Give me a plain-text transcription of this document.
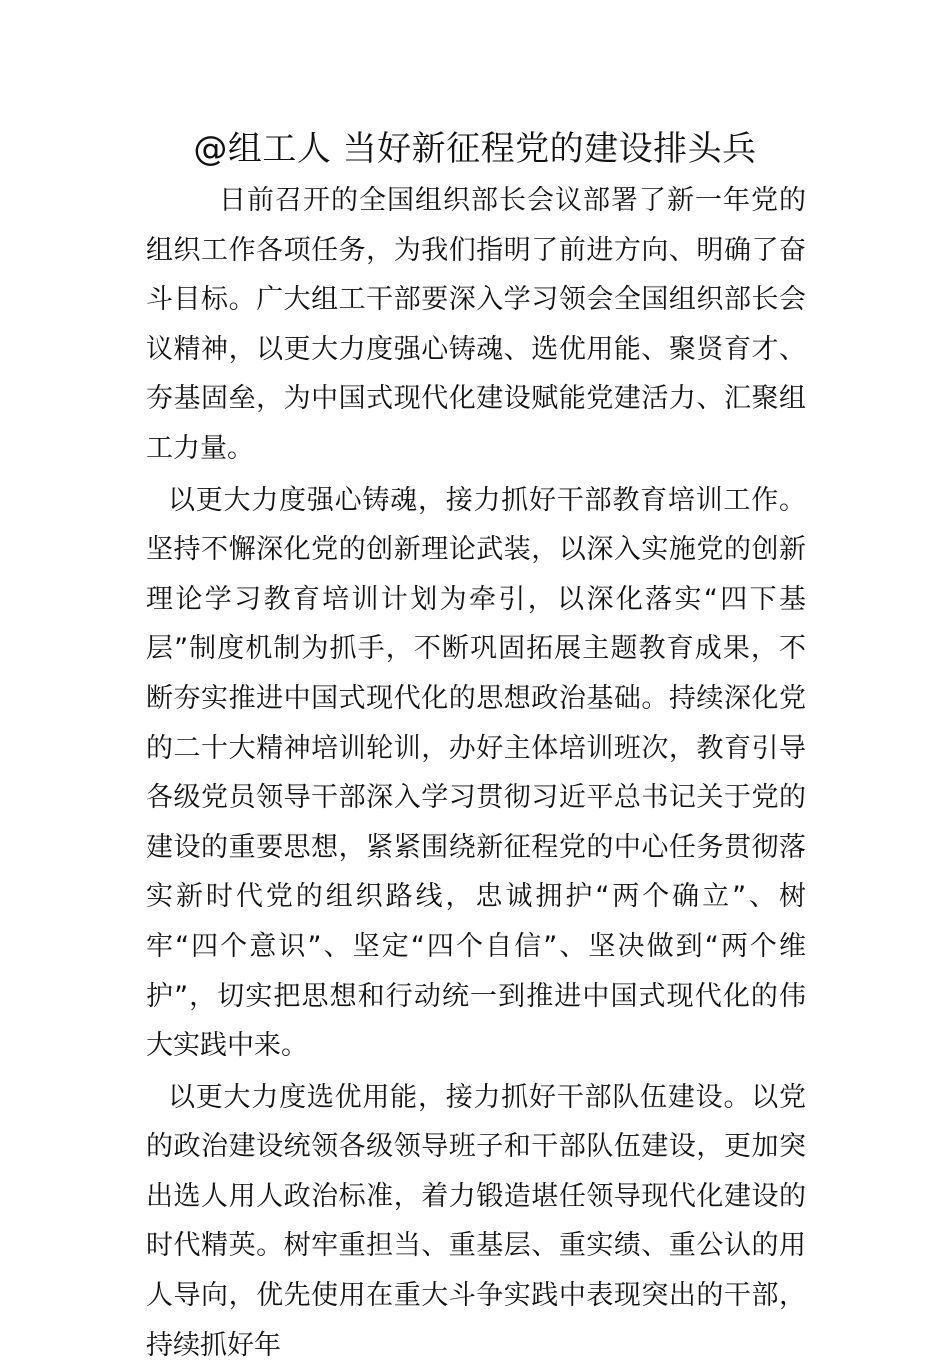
@组工人 当好新征程党的建设排头兵

日前召开的全国组织部长会议部署了新一年党的组织工作各项任务，为我们指明了前进方向、明确了奋斗目标。广大组工干部要深入学习领会全国组织部长会议精神，以更大力度强心铸魂、选优用能、聚贤育才、夯基固垒，为中国式现代化建设赋能党建活力、汇聚组工力量。

以更大力度强心铸魂，接力抓好干部教育培训工作。坚持不懈深化党的创新理论武装，以深入实施党的创新理论学习教育培训计划为牵引，以深化落实“四下基层”制度机制为抓手，不断巩固拓展主题教育成果，不断夯实推进中国式现代化的思想政治基础。持续深化党的二十大精神培训轮训，办好主体培训班次，教育引导各级党员领导干部深入学习贯彻习近平总书记关于党的建设的重要思想，紧紧围绕新征程党的中心任务贯彻落实新时代党的组织路线，忠诚拥护“两个确立”、树牢“四个意识”、坚定“四个自信”、坚决做到“两个维护”，切实把思想和行动统一到推进中国式现代化的伟大实践中来。

以更大力度选优用能，接力抓好干部队伍建设。以党的政治建设统领各级领导班子和干部队伍建设，更加突出选人用人政治标准，着力锻造堪任领导现代化建设的时代精英。树牢重担当、重基层、重实绩、重公认的用人导向，优先使用在重大斗争实践中表现突出的干部，持续抓好年
